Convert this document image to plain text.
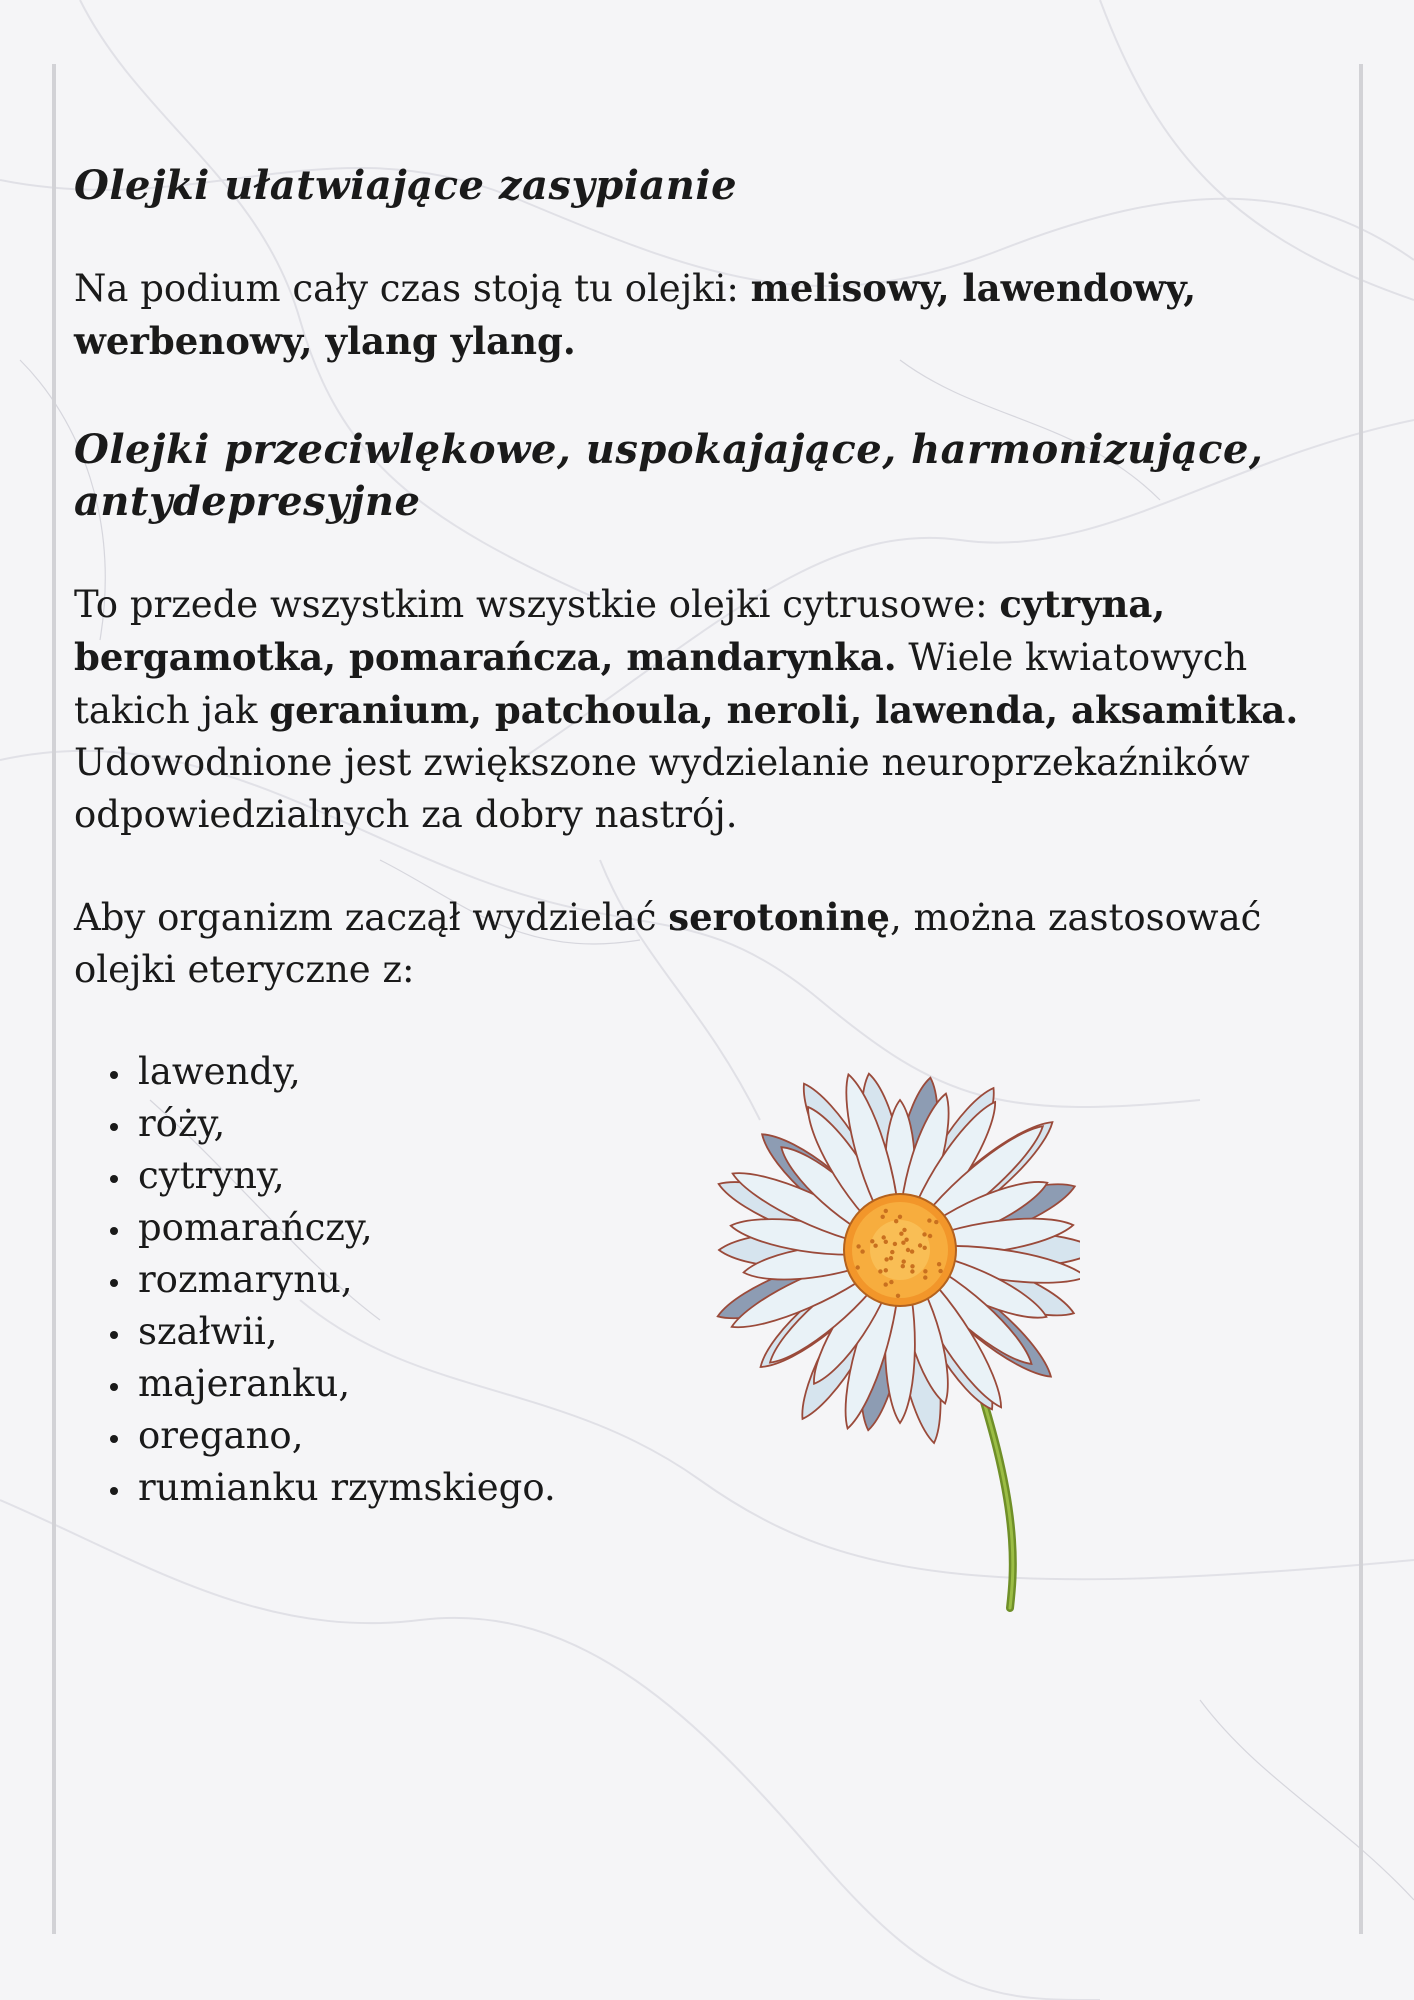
Olejki ułatwiające zasypianie

Na podium cały czas stoją tu olejki: melisowy, lawendowy, werbenowy, ylang ylang.

Olejki przeciwlękowe, uspokajające, harmonizujące, antydepresyjne

To przede wszystkim wszystkie olejki cytrusowe: cytryna, bergamotka, pomarańcza, mandarynka. Wiele kwiatowych takich jak geranium, patchoula, neroli, lawenda, aksamitka. Udowodnione jest zwiększone wydzielanie neuroprzekaźników odpowiedzialnych za dobry nastrój.

Aby organizm zaczął wydzielać serotoninę, można zastosować olejki eteryczne z:

lawendy,
róży,
cytryny,
pomarańczy,
rozmarynu,
szałwii,
majeranku,
oregano,
rumianku rzymskiego.
